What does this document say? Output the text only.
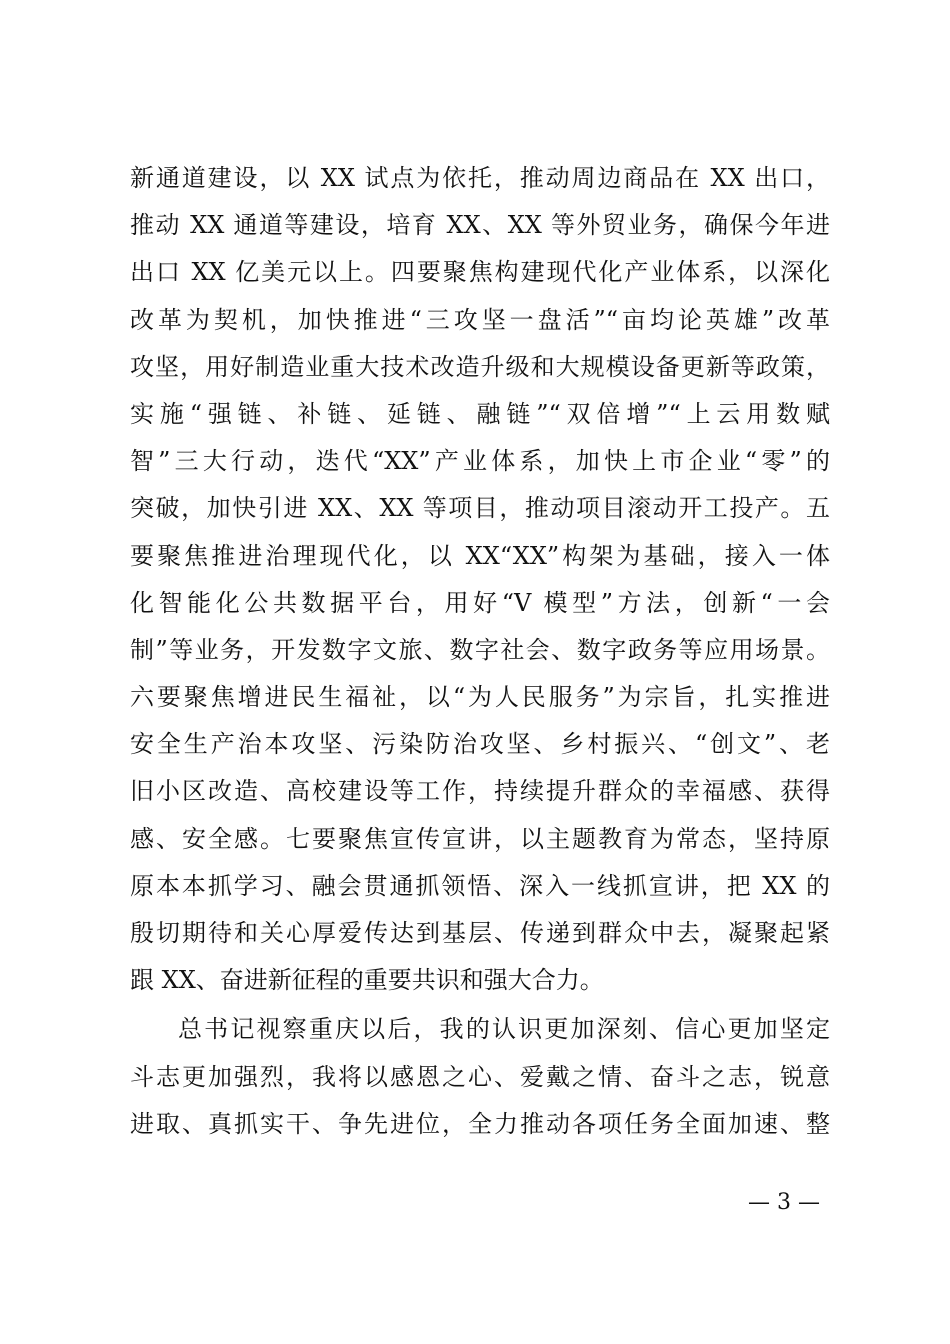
新通道建设，以 XX 试点为依托，推动周边商品在 XX 出口，
推动 XX 通道等建设，培育 XX、XX 等外贸业务，确保今年进
出口 XX 亿美元以上。四要聚焦构建现代化产业体系，以深化
改革为契机，加快推进“三攻坚一盘活”“亩均论英雄”改革
攻坚，用好制造业重大技术改造升级和大规模设备更新等政策，
实施“强链、补链、延链、融链”“双倍增”“上云用数赋
智”三大行动，迭代“XX”产业体系，加快上市企业“零”的
突破，加快引进 XX、XX 等项目，推动项目滚动开工投产。五
要聚焦推进治理现代化，以 XX“XX”构架为基础，接入一体
化智能化公共数据平台，用好“V 模型”方法，创新“一会
制”等业务，开发数字文旅、数字社会、数字政务等应用场景。
六要聚焦增进民生福祉，以“为人民服务”为宗旨，扎实推进
安全生产治本攻坚、污染防治攻坚、乡村振兴、“创文”、老
旧小区改造、高校建设等工作，持续提升群众的幸福感、获得
感、安全感。七要聚焦宣传宣讲，以主题教育为常态，坚持原
原本本抓学习、融会贯通抓领悟、深入一线抓宣讲，把 XX 的
殷切期待和关心厚爱传达到基层、传递到群众中去，凝聚起紧
跟 XX、奋进新征程的重要共识和强大合力。
总书记视察重庆以后，我的认识更加深刻、信心更加坚定
斗志更加强烈，我将以感恩之心、爱戴之情、奋斗之志，锐意
进取、真抓实干、争先进位，全力推动各项任务全面加速、整
— 3 —
